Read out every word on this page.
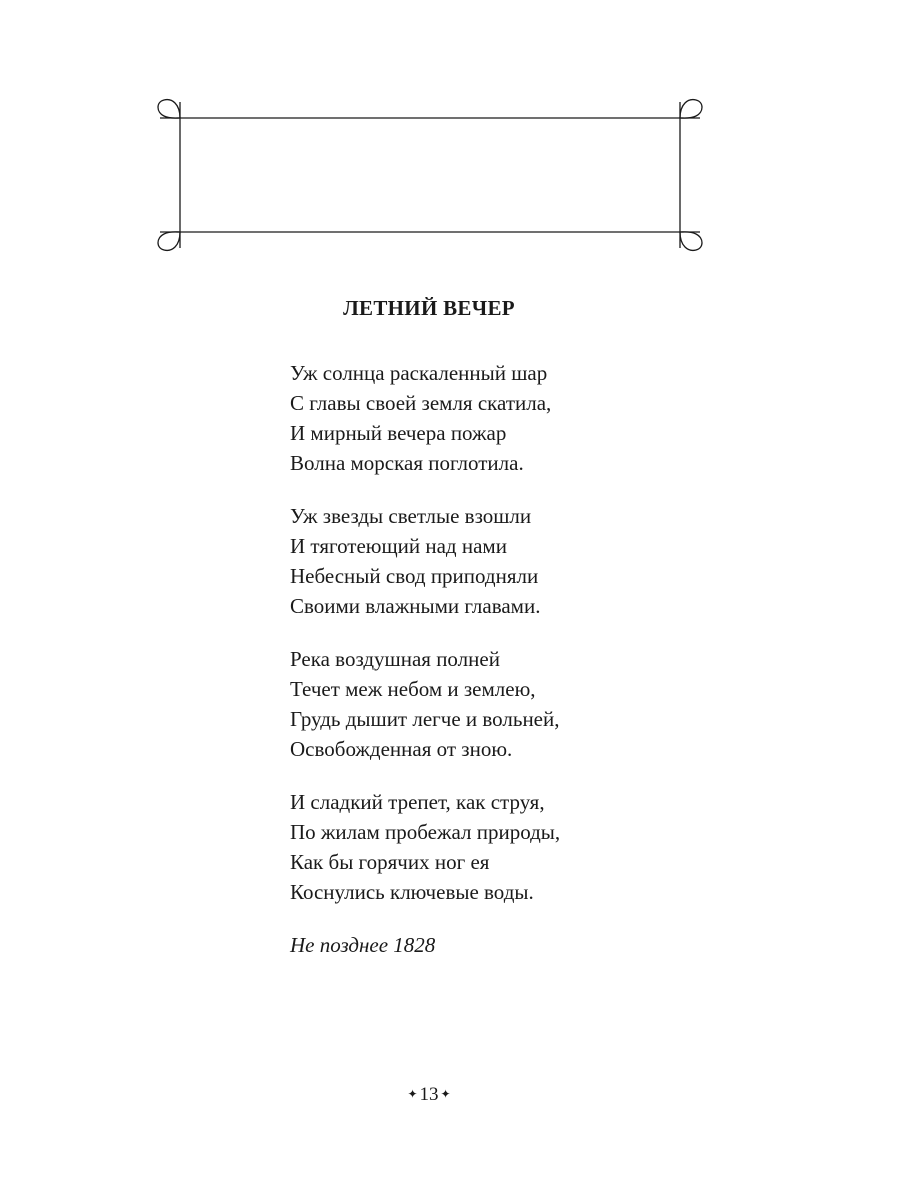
ЛЕТНИЙ ВЕЧЕР
Уж солнца раскаленный шар
С главы своей земля скатила,
И мирный вечера пожар
Волна морская поглотила.
Уж звезды светлые взошли
И тяготеющий над нами
Небесный свод приподняли
Своими влажными главами.
Река воздушная полней
Течет меж небом и землею,
Грудь дышит легче и вольней,
Освобожденная от зною.
И сладкий трепет, как струя,
По жилам пробежал природы,
Как бы горячих ног ея
Коснулись ключевые воды.
Не позднее 1828
✦ 13 ✦
